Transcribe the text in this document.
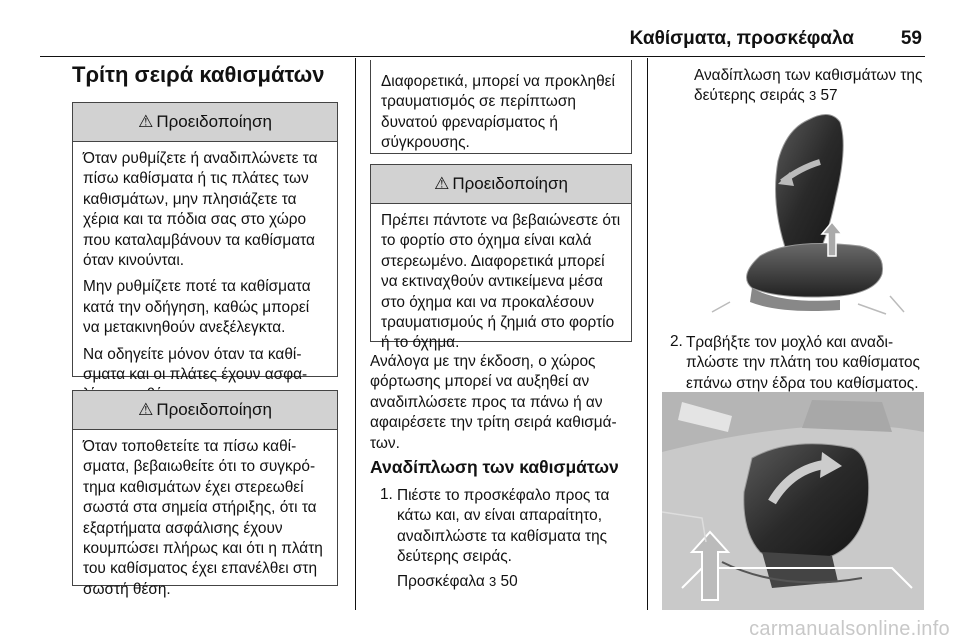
Καθίσματα, προσκέφαλα 59
Τρίτη σειρά καθισμάτων
⚠ Προειδοποίηση

Όταν ρυθμίζετε ή αναδιπλώνετε τα πίσω καθίσματα ή τις πλάτες των καθισμάτων, μην πλησιάζετε τα χέρια και τα πόδια σας στο χώρο που καταλαμβάνουν τα καθίσματα όταν κινούνται.

Μην ρυθμίζετε ποτέ τα καθίσματα κατά την οδήγηση, καθώς μπορεί να μετακινηθούν ανεξέλεγκτα.

Να οδηγείτε μόνον όταν τα καθίσματα και οι πλάτες έχουν ασφα

⚠ Προειδοποίηση

Όταν τοποθετείτε τα πίσω καθίσματα, βεβαιωθείτε ότι το συγκρότημα καθισμάτων έχει στερεωθεί σωστά στα σημεία στήριξης, ότι τα εξαρτήματα ασφάλισης έχουν κουμπώσει πλήρως και ότι η πλάτη του καθίσματος έχει επανέλθει στη σωστή θέση.

Διαφορετικά, μπορεί να προκληθεί τραυματισμός σε περίπτωση δυνατού φρεναρίσματος ή σύγκρουσης.

⚠ Προειδοποίηση

Πρέπει πάντοτε να βεβαιώνεστε ότι το φορτίο στο όχημα είναι καλά στερεωμένο. Διαφορετικά μπορεί να εκτιναχθούν αντικείμενα μέσα στο όχημα και να προκαλέσουν τραυματισμούς ή ζημιά στο φορτίο ή το όχημα.

Ανάλογα με την έκδοση, ο χώρος φόρτωσης μπορεί να αυξηθεί αν αναδιπλώσετε προς τα πάνω ή αν αφαιρέσετε την τρίτη σειρά καθισμάτων.

Αναδίπλωση των καθισμάτων
1. Πιέστε το προσκέφαλο προς τα κάτω και, αν είναι απαραίτητο, αναδιπλώστε τα καθίσματα της δεύτερης σειράς.

Προσκέφαλα 3 50
Αναδίπλωση των καθισμάτων της δεύτερης σειράς 3 57
2. Τραβήξτε τον μοχλό και αναδιπλώστε την πλάτη του καθίσματος επάνω στην έδρα του καθίσματος.

carmanualsonline.info
